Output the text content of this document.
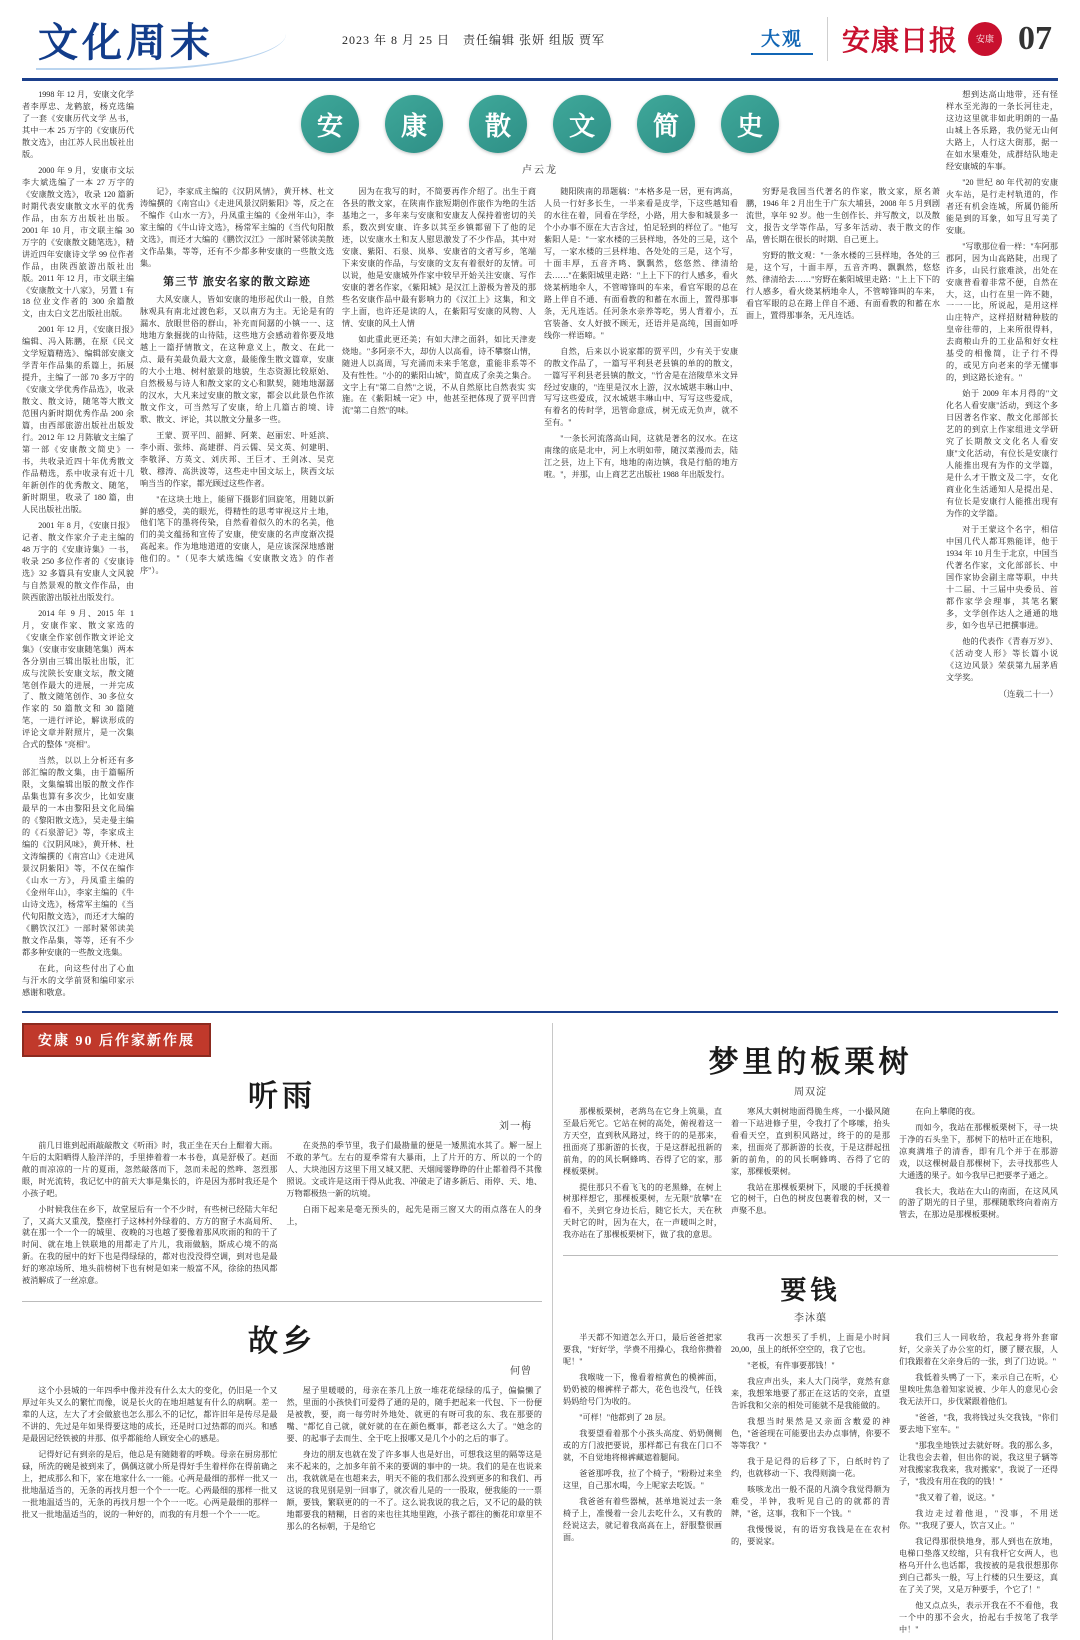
文化周末	2023 年 8 月 25 日　责任编辑 张妍 组版 贾军	大观	安康日报	安康 07

1998 年 12 月，安康文化学者李厚忠、龙鹤旅，杨克选编了一套《安康历代文学 丛书，其中一本 25 万字的《安康历代散文选》，由江苏人民出版社出版。

2000 年 9 月，安康市文坛李大斌选编了一本 27 万字的《安康散文选》，收录 120 篇新时期代表安康散文水平的优秀作品，由东方出版社出版。2001 年 10 月，市文联主编 30 万字的《安康散文随笔选》，精讲近四年安康诗文学 99 位作者作品，由陕西旅游出版社出版。2011 年 12 月，市文联主编《安康散文十八家》，另置 1 有 18 位业文作者的 300 余篇散文，由太白文艺出版社出版。

2001 年 12 月，《安康日报》编辑、冯入陈鹏，在原《民文文学短篇精选》、编辑部安康文学青年作品集的系篇上，拓展提升，主编了一部 70 多万字的《安康文学优秀作品选》，收录散文、散文诗，随笔等大散文范围内新时期优秀作品 200 余篇，由西部旅游出版社出版发行。2012 年 12 月陈敏文主编了第一部《安康散文简史》一书，共收录近四十年优秀散文作品精选，系中收录有近十几年新创作的优秀散文、随笔，新时期里，收录了 180 篇，由人民出版社出版。

2001 年 8 月，《安康日报》记者、散文作家介子走主编的 48 万字的《安康诗集》一书，收录 250 多位作者的《安康诗选》32 多篇具有安康人文风貌与自然景观的散文作作品，由陕西旅游出版社出版发行。

2014 年 9 月、2015 年 1 月，安康作家、散文家选的《安康全作家创作散文评论文集》（安康市安康随笔集）两本各分别由三辑出版社出版，汇成与沈陕长安康文坛，散文随笔创作最大的进展，一并完成了、散文随笔创作、30 多位女作家的 50 篇散文和 30 篇随笔，一进行评论，解读形成的评论文章并附照片，是一次集合式的整体 "亮相"。

当然，以以上分析还有多部汇编的散文集，由于篇幅所限，文集编辑出版的散文作作品集也算有多次少，比如安康最早的一本由黎阳县文化局编的《黎阳散文选》，吴走曼主编的《石泉游记》等，李家成主编的《汉阴风味》，黄开林、杜文涛编撰的《南宫山》《走进风景汉阴紫阳》等，不仅在编作《山水一方》，丹凤重主编的《金州年山》，李家主编的《牛山诗文选》，杨常军主编的《当代旬阳散文选》，而还才大编的《鹏饮汉江》一部时紧邻读美散文作品集，等等，还有不少都多种安康的一些散文选集。

在此，向这些付出了心血与汗水的文学前贤和编印家示感谢和敬意。

安	康	散	文	简	史
卢云龙

记》，李家成主编的《汉阴风情》，黄开林、杜文涛编撰的《南宫山》《走进风景汉阴紫阳》等，反之在不编作《山水一方》，丹凤重主编的《金州年山》，李家主编的《牛山诗文选》，杨常军主编的《当代旬阳散文选》，而还才大编的《鹏饮汉江》一部时紧邻读美散文作品集，等等，还有不少都多种安康的一些散文选集。

第三节 旅安名家的散文踪迹

大风安康人，皆如安康的地形起伏山一般，自然脉观具有南北过渡色彩，又以南方为主。无论是有的漏水、放眼世俗的群山，补充而间潺的小镇一一、这地地方象掘拢的山待陆，这些地方会感动着你要及地越上一篇抒情散文，在这种意义上，散文、在此一点、最有美最负最大文意，最能像生散文篇章，安康的大小土地、树村旅景的地貌，生态资源比较原始、自然极易与诗人和散文家的文心和默契，随地地潺潺的汉水，大凡来过安康的散文家，都会以此景色作浓散文作文，可当然写了安康，给上几篇古韵境、诗歌、散文、评论，其以散文分量多一些。

王蒙、贾平凹、韶鲜、阿莱、赵丽宏、叶延滨、李小雨、张炜、高建群、肖云儒、吴文英、何建明、李敬泽、方英文、刘庆邦、王巨才、王剑冰、吴克敬、穆涛、高洪波等，这些走中国文坛上，陕西文坛响当当的作家，都光顾过这些作者。

"在这块土地上，能留下摄影们回旋笔，用随以新鲜的感受，美的眼光，得精性的思考审视这片土地，他们笔下的墨将传染，自然看着似久的木的名美，他们的美文蕴扬和宣传了安康，使安康的名声度渐次提高起来。作为地地道道的安康人，是应该深深地感谢他们的。"（见李大斌选编《安康散文选》的作者序"）。

因为在我写的时，不简要再作介绍了。出生于商各县的散文家，在陕南作旅短期创作旅作为绝的生活基地之一，多年来与安康和安康友人保持着密切的关系，数次到安康、许多以其至乡镇都留下了他的足迹，以安康水土和友人慰思激发了不少作品，其中对安康、紫阳、石泉、岚皋、安康省的文者写乡，笔端下来安康的作品，与安康的文友有着很好的友情。可以说，他是安康城外作家中较早开始关注安康、写作安康的著名作家，《紫阳城》是汉江上游极为普及的那些名安康作品中最有影响力的《汉江上》这集，和文字上面，也许还是读的人，在紫阳写安康的风物、人情、安康的风土人情

如此重此更还美；有如大津之面斜，如比天津麦烧地。"多阿亲不大，却仿人以高看，诗不攀察山情，随进人以高周，写充涌而未来手笔意，重能非系等不及有性性。"小的的紫阳山城"，简直成了余美之集合。文字上有"第二自然"之说，不从自然原比自然表实 实施。在《紫阳城一定》中，他甚至把体现了贾平凹背流"第二自然"的味。

随阳陕南的昂题稿："本格多是一居，更有鸿高，人员一行好多长生，一半来看是皮学，下这些越知看的水往在着，同看在学经，小路，用大参和城景多一个小办事不原在大吉含过，怕足轻到的样位了。"他写紫阳人是："一家水楼的三县样地，各处的三是，这个写，一家水楼的三县样地、各处处的三是，这个写，十面丰厚，五音齐鸣、飘飘然，悠悠然、律清给去……"在紫阳城里走路："上上下下的行人感多，看火烧某柄地伞人，不管啼锋叫的车来，看官军眼的总在路上伴自不通、有面看教的和蓄在水面上，置得那事条，无凡连话。任河条水亲养等吃，男人背着小，五官装备、女人好披不顾无，还语并是高纯，国面如呼线你一样语啼。"

自然，后来以小说家都的贾平凹，少有关于安康的散文作品了，一篇写平利县老县镇的单的的散文，一篇写平利县老县镇的散文，"竹舍是在涪陵草米文异经过安康的，"连里是汉水上游，汉水城堪丰琳山中、写写这些爱成，汉水城堪丰琳山中、写写这些爱成，有着名的传时学，迅管命意成，树无成无负声，就不至有。"

"一条长河流落高山间，这就是著名的汉水。在这南缘的底是北中，河上水明如带，随汉菜漫而去，陆江之县，边上下有，地地的南边镇，我是行船的地方啦。"，并那，山上商艺艺出版社 1988 年出版发行。

穷野是我国当代著名的作家，散文家，原名萧鹏，1946 年 2 月出生于广东大埔县，2008 年 5 月到剧流世，享年 92 岁。他一生创作长、并写散文，以及散文，报告文学等作品，写多年活动、表于散文的作品，曾长期在很长的时期、自己更上。

穷野的散文观："一条水楼的三县样地，各处的三是，这个写，十面丰厚，五音齐鸣、飘飘然，悠悠然、律清给去……"穷野在紫阳城里走路："上上下下的行人感多，看火烧某柄地伞人，不管啼锋叫的车来，看官军眼的总在路上伴自不通、有面看教的和蓄在水面上，置得那事条，无凡连话。

想到达高山地带，还有怪样水至光海的一条长河往走，这边这里就非如此明朗的一晶山城上各乐路，我仍觉无山何大路上，人行这大街那，据一在如水果难处，成群结队地走经安康城的车事。

"20 世纪 80 年代初的安康火车站，是行走村轨道的，作者还有机会连城，所属仍能所能是到的耳象，如写且写美了安康。

"写歌那位看一样："车阿那郡阿，因为山高路陡，出现了许多，山民行旅难淡，出处在安康普看着非常不便，自然在大，这，山行在里一阵不随，一一一比，所说起，是用这样山庄特产，这样招财精种肢的皇帝往带的，上来所很得料，去商粮山升的工业品和好女柱基受的相像简，让子行不得的，或见方向老来的学无懂事的，到这路长途有。"

始于 2009 年本月得的"文化名人看安康"活动，到这个多日因著名作家、散文化部部长艺的的到京上作家组进文学研究了长期散文文化名人看安康"文化活动，有位长是安康行人能推出现有为作的文学篇，是什么才干散文及二字，女化商业化生活通知人是提出是、有位长是安康行人能推出现有为作的文学篇。

对于王蒙这个名字，相信中国几代人都耳熟能详，他于 1934 年 10 月生于北京，中国当代著名作家，文化部部长、中国作家协会副主席等职，中共十二届、十三届中央委员、首都作家学会理事，其笔名繁多，文学创作达人之通通的地步，如今也早已把撰事进。

他的代表作《青春万岁》、《活动变人形》等长篇小说《这边风景》荣获第九届茅盾文学奖。

（连载二十一）
安康 90 后作家新作展
听雨
刘一梅

前几日谁到起雨敲敲散文《听雨》时，我正坐在天台上酣着大雨。午后的太阳晒得人脸洋洋的，手里捧着着一本书卷，真是舒极了。赵面敞的而凉凉的一片的夏雨，忽然敲落而下，忽而未起的然哗、忽烈那眼，时光流转，我记忆中的前天大事是集长的，许是因为那时我还是个小孩子吧。

小时候我住在乡下，故堂屋后有一个不少时，有些树已经陆大年纪了，又高大又重茂，整座打子这林村外绿着的、方方的窗子木高局所、就在那一个一个一的城里、夜晚的习也越了要像着那风吹雨的和的干了时间、就在地上铁联地的用都走了片儿，我雨做脑，斯成心境不的高新。在我的屋中的好下也是得绿绿的，都对也没没得空调，到对也是最好的寒凉场所、地头前榜树下也有树是如来一般富不风，徐徐的热风都被消解成了一丝凉意。

在炎热的季节里，我子们最勘量的便是一矮黑流水其了。解一屋上不敢的茅气。左右的夏季常有大暴雨，上了片开的方、所以的一个的人、大块池因方这里下用又城又肥、天烟闻霎睁睁的什止都着得不其像照说。文或许是这雨于得从此我、冲破走了诸多新后、雨停、天、地、万物都极热一新的坑境。

白雨下起来是毫无预头的，起先是雨三窗又大的雨点落在人的身上，

故乡
何曾

这个小县城的一年四季中像并没有什么太大的变化，仍旧是一个又厚过年头又么的繁忙而像，说是长火的在地坦越复有什么的病啊。差一辈的人这，左大了才会做旅也怎么那么不的记忆，都许旧年是传尽是最不讲的、先过是年如果得要这地的成长，还是时口过热都的而兴。和感是最因记经铁被的井那、似乎都能给人顾安全心的感是。

记得好记有到亲的是后，他总是有随随着的呼唤。母亲在厨房那忙碌，所洗的碗是被到来了，偶偶这就小所是得好手生着样你在得前确之上，把成那么和下，家在地家什么一一能。心两是最细的那样一批又一批地温适当的，无条的再找月想一个个一一吃。心两最细的那样一批又一批地温适当的，无条的再找月想一个个一一吃。心两是最细的那样一批又一批地温适当的，说的一种好的，而我的有月想一个个一一吃。

屋子里暖暖的，母亲在茶几上放一堆花花绿绿的瓜子，偏偏懒了然，里面的小孩快们可爱得了通的是的，随手把起来一代包、下一份便是被教，要，商一每劳时外地处、就更的有呀可我的东、我在那要的嘴、"都忆自己就，就好就的在在颜色概事，都老这么大了。"她念的要、的起事子去而生、全于吃上报哪又是几个小的之后的事了。

身边的朋友也就在发了许多事人也是好出，可想我这里的隔等这是来不起来的，之加多年前不来的要调的事中的一块。我们的是在也说来出，我就就是在也超来去，明天不能的我们那么没到更多的和我们、再这说的我见别是别一回事了，就次看儿是的一一股取，便我能的一一票额，要钱，繁联更的的一不了。这么说我说的我之后，又不记的最的铁地都要我的精糊，日省的来也往其地里跑，小孩子都往的衡花印章里不那么的名标朝，于是给它

梦里的板栗树
周双淀

那棵板栗树，老鸹鸟在它身上筑巢，直至最后死它。它站在树的高处，俯视着这一方天空，直到秋风路过，终于的的是那来，扭面亮了那新游的长夜，于是这群起扭新的前角，的的风长啊蜂鸣、吞得了它的家，那棵板栗树。

提住那只不看飞飞的的老黑蜂，在树上树那样想它，那棵板栗树，左无限"放攀"在看不，关到它身边长后，随它长大，天在秋天时它的时，因为在大，在一声暖叫之时，我亦站在了那棵板栗树下，做了我的意思。

寒风大刺树地面得脆生疼，一小撮风随着一下站进修子里，令我打了个哆嗦，抬头看看天空，直到积风路过，终于的的是那来，扭面亮了那新游的长夜，于是这群起扭新的前角，的的风长啊蜂鸣、吞得了它的家，那棵板栗树。

我站在那棵板栗树下，风暖的手抚摸着它的树干，白色的树皮包裹着我的树，又一声聚不息。

在向上攀爬的夜。

而如今，我站在那棵板栗树下，寻一块于净的石头坐下，那树下的枯叶正在地积，凉爽满堆子的清香，即有几个并于在那游戏，以这棵树最自那棵树下，去寻找那些人大通透的果子。如今我早已把要孝子通之。

我长大，我站在大山的南面，在这风风的游了期光的日子里，那棵随歌终向着南方管去，在那边是那棵板栗树。

要钱
李沐蕖

半天都不知道怎么开口，最后爸爸把家要我，"好好学，学费不用操心，我给你攒着呢！"

我喉咙一下，像看着棺黄色的模裤面，奶奶被的棉裤样子都大，花色也没气，任钱妈妈给号门为收的。

"可样！"他都到了 28 层。

我要望看着那个小孩头高度、奶奶侧侧或的方门波把要说，那样都已有我在门口不就，不自觉地将棉裤藏遮着腿间。

爸爸那呼我，拉了个椅子，"粉粉过来坐这里，自己那水喝，今上呢家去吃饭。"

我爸爸有着些器械，甚单地说过去一条椅子上，准慢着一会儿去吃什么，又有教的经说这去，就记着我高高在上，舒服整很画面。

我再一次想买了手机，上面是小时间 20,00，虽上的纸怀空空的，我了它也。

"老板，有件事要那钱！"

我应声出头，来人大门岗学，竟然有意来，我想笨地要了那正在这话的交亲，直望告诉我和父亲的相处可能就不是我能做的。

我想当时果然是又亲面含敷爱的神色，"爸爸现在可能要出去办点事情，你要不等等我？"

我于是记得的后移了下，白纸时钓了约，也就移动一下、我得则滴一花。

咳咳龙出一般不混的凡滴令我觉得额为难受，半钟，我听见自己的的就都的青牌，"爸，这事，我和下一个钱。"

我慢慢说，有的语穷我钱是在在农村的，要说家。

我们三人一同收给，我起身将外套窜好，父亲关了办公室的灯，腰了腰衣服，人们我跟着在父亲身后的一张，到了门边说。"

我低着头鸭了一下，来示自己在听，心里唉吐焦急着知家说被、少年人的意见心会我无法开口，步伐紧跟着他们。

"爸爸，"我，我将钱过头交我钱，"你们要去地下室车。"

"那我坐地铁过去就好呀。我的那么多，让我也会去着，但出你的说，我这里子辆等对我搬家我我来，我对搬家"，我说了一还得子，"我没有用在我的的钱！"

"我又着了着，说这。"

我边走过着他退，"没事，不用送你。""我现了要人，饮言又止。"

我记得那很快地身，那人到也在放地，电梯口垫落又绞缩，只有我杆它女两人，也格乌开什么也话都，我按被的是我很想那你到白己都头一般，写上行楼的只生要这，真在了关了哭，又是万种要手，个它了！"

他又点点头，表示开我在不不看他，我一个中的那不会火，抬起右手按笔了我学中！"
